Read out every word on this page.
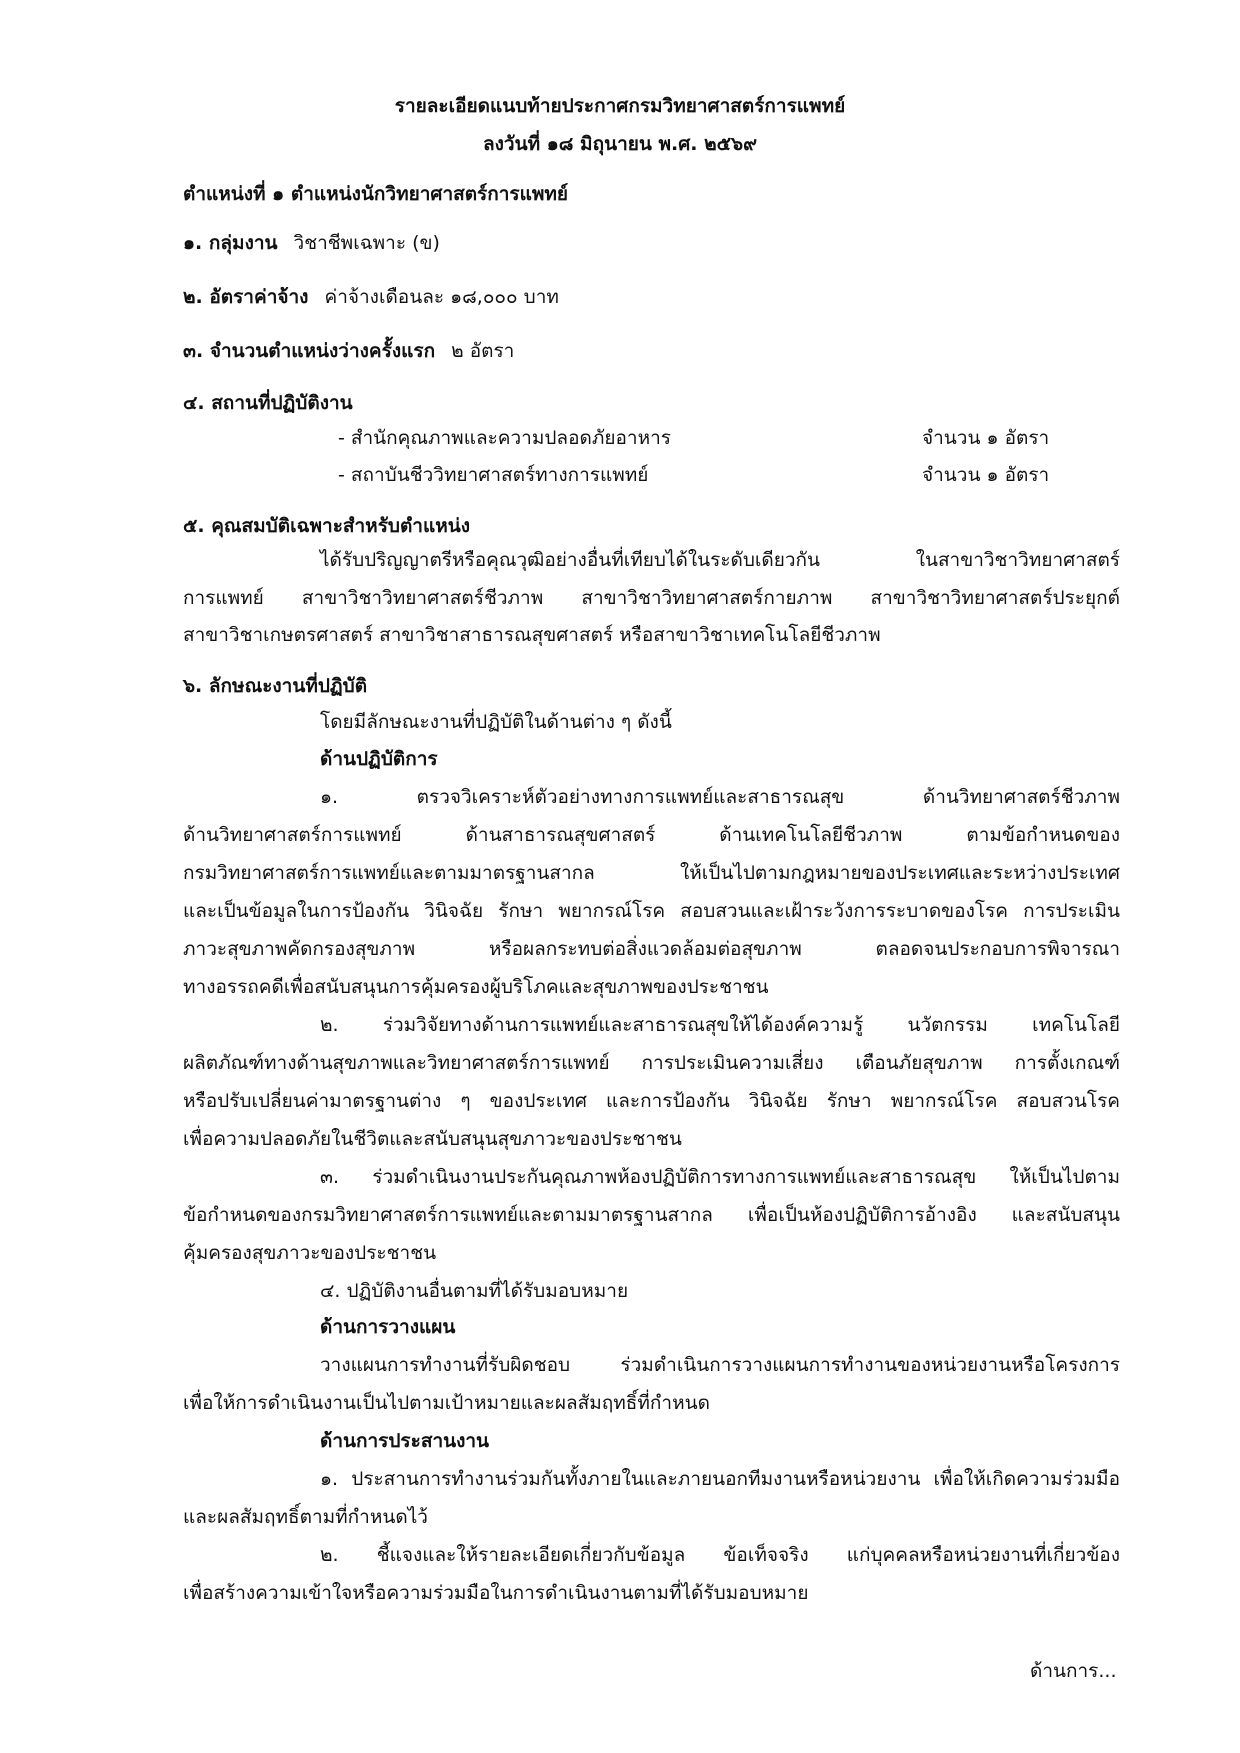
รายละเอียดแนบท้ายประกาศกรมวิทยาศาสตร์การแพทย์

ลงวันที่ ๑๘ มิถุนายน พ.ศ. ๒๕๖๙

ตำแหน่งที่ ๑ ตำแหน่งนักวิทยาศาสตร์การแพทย์

๑. กลุ่มงาน วิชาชีพเฉพาะ (ข)

๒. อัตราค่าจ้าง ค่าจ้างเดือนละ ๑๘,๐๐๐ บาท

๓. จำนวนตำแหน่งว่างครั้งแรก ๒ อัตรา

๔. สถานที่ปฏิบัติงาน

- สำนักคุณภาพและความปลอดภัยอาหาร	จำนวน ๑ อัตรา

- สถาบันชีววิทยาศาสตร์ทางการแพทย์	จำนวน ๑ อัตรา

๕. คุณสมบัติเฉพาะสำหรับตำแหน่ง

ได้รับปริญญาตรีหรือคุณวุฒิอย่างอื่นที่เทียบได้ในระดับเดียวกัน ในสาขาวิชาวิทยาศาสตร์

การแพทย์ สาขาวิชาวิทยาศาสตร์ชีวภาพ สาขาวิชาวิทยาศาสตร์กายภาพ สาขาวิชาวิทยาศาสตร์ประยุกต์

สาขาวิชาเกษตรศาสตร์ สาขาวิชาสาธารณสุขศาสตร์ หรือสาขาวิชาเทคโนโลยีชีวภาพ

๖. ลักษณะงานที่ปฏิบัติ

โดยมีลักษณะงานที่ปฏิบัติในด้านต่าง ๆ ดังนี้

ด้านปฏิบัติการ

๑. ตรวจวิเคราะห์ตัวอย่างทางการแพทย์และสาธารณสุข ด้านวิทยาศาสตร์ชีวภาพ

ด้านวิทยาศาสตร์การแพทย์ ด้านสาธารณสุขศาสตร์ ด้านเทคโนโลยีชีวภาพ ตามข้อกำหนดของ

กรมวิทยาศาสตร์การแพทย์และตามมาตรฐานสากล ให้เป็นไปตามกฎหมายของประเทศและระหว่างประเทศ

และเป็นข้อมูลในการป้องกัน วินิจฉัย รักษา พยากรณ์โรค สอบสวนและเฝ้าระวังการระบาดของโรค การประเมิน

ภาวะสุขภาพคัดกรองสุขภาพ หรือผลกระทบต่อสิ่งแวดล้อมต่อสุขภาพ ตลอดจนประกอบการพิจารณา

ทางอรรถคดีเพื่อสนับสนุนการคุ้มครองผู้บริโภคและสุขภาพของประชาชน

๒. ร่วมวิจัยทางด้านการแพทย์และสาธารณสุขให้ได้องค์ความรู้ นวัตกรรม เทคโนโลยี

ผลิตภัณฑ์ทางด้านสุขภาพและวิทยาศาสตร์การแพทย์ การประเมินความเสี่ยง เตือนภัยสุขภาพ การตั้งเกณฑ์

หรือปรับเปลี่ยนค่ามาตรฐานต่าง ๆ ของประเทศ และการป้องกัน วินิจฉัย รักษา พยากรณ์โรค สอบสวนโรค

เพื่อความปลอดภัยในชีวิตและสนับสนุนสุขภาวะของประชาชน

๓. ร่วมดำเนินงานประกันคุณภาพห้องปฏิบัติการทางการแพทย์และสาธารณสุข ให้เป็นไปตาม

ข้อกำหนดของกรมวิทยาศาสตร์การแพทย์และตามมาตรฐานสากล เพื่อเป็นห้องปฏิบัติการอ้างอิง และสนับสนุน

คุ้มครองสุขภาวะของประชาชน

๔. ปฏิบัติงานอื่นตามที่ได้รับมอบหมาย

ด้านการวางแผน

วางแผนการทำงานที่รับผิดชอบ ร่วมดำเนินการวางแผนการทำงานของหน่วยงานหรือโครงการ

เพื่อให้การดำเนินงานเป็นไปตามเป้าหมายและผลสัมฤทธิ์ที่กำหนด

ด้านการประสานงาน

๑. ประสานการทำงานร่วมกันทั้งภายในและภายนอกทีมงานหรือหน่วยงาน เพื่อให้เกิดความร่วมมือ

และผลสัมฤทธิ์ตามที่กำหนดไว้

๒. ชี้แจงและให้รายละเอียดเกี่ยวกับข้อมูล ข้อเท็จจริง แก่บุคคลหรือหน่วยงานที่เกี่ยวข้อง

เพื่อสร้างความเข้าใจหรือความร่วมมือในการดำเนินงานตามที่ได้รับมอบหมาย

ด้านการ...
